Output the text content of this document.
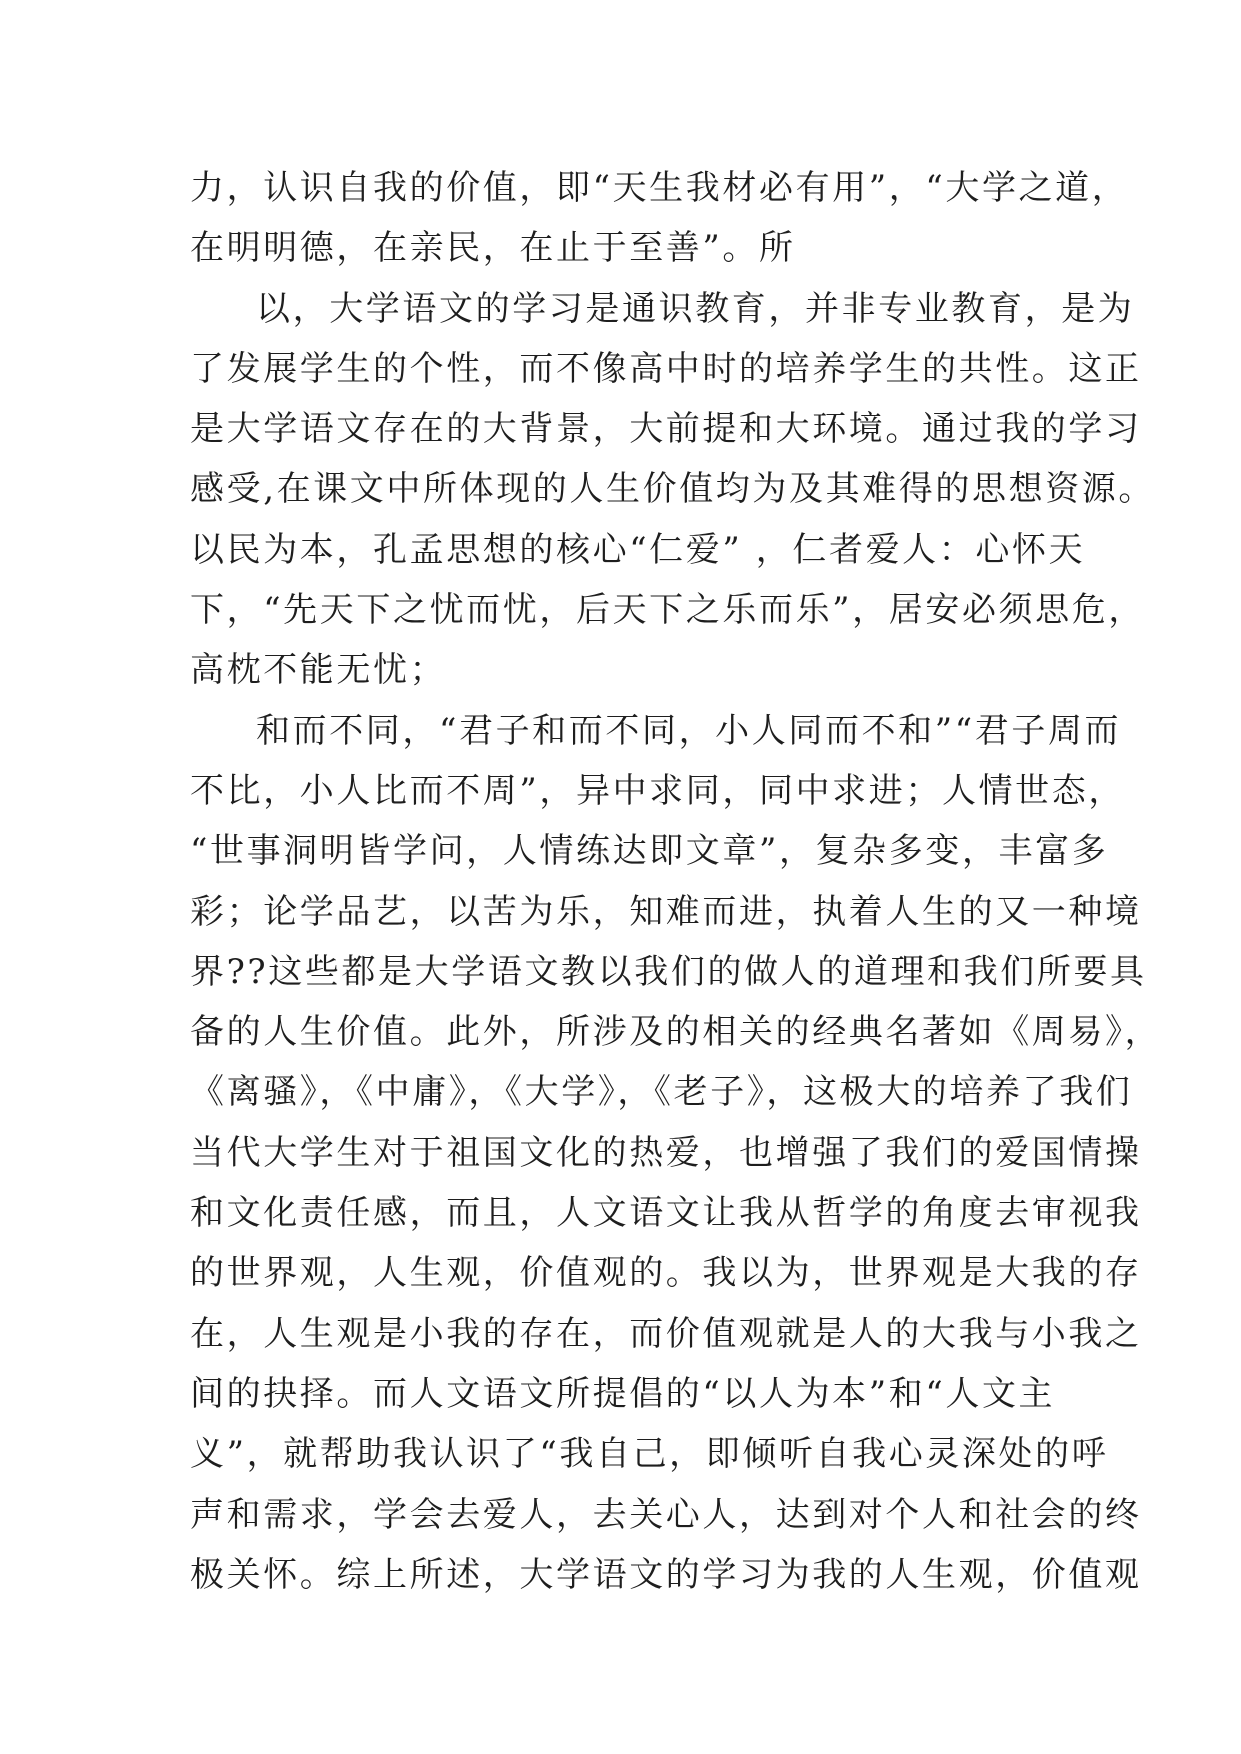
力，认识自我的价值，即“天生我材必有用”，“大学之道，
在明明德，在亲民，在止于至善”。所
以，大学语文的学习是通识教育，并非专业教育，是为
了发展学生的个性，而不像高中时的培养学生的共性。这正
是大学语文存在的大背景，大前提和大环境。通过我的学习
感受,在课文中所体现的人生价值均为及其难得的思想资源。
以民为本，孔孟思想的核心“仁爱” ，仁者爱人：心怀天
下，“先天下之忧而忧，后天下之乐而乐”，居安必须思危，
高枕不能无忧；
和而不同，“君子和而不同，小人同而不和”“君子周而
不比，小人比而不周”，异中求同，同中求进；人情世态，
“世事洞明皆学问，人情练达即文章”，复杂多变，丰富多
彩；论学品艺，以苦为乐，知难而进，执着人生的又一种境
界??这些都是大学语文教以我们的做人的道理和我们所要具
备的人生价值。此外，所涉及的相关的经典名著如《周易》，
《离骚》，《中庸》，《大学》，《老子》，这极大的培养了我们
当代大学生对于祖国文化的热爱，也增强了我们的爱国情操
和文化责任感，而且，人文语文让我从哲学的角度去审视我
的世界观，人生观，价值观的。我以为，世界观是大我的存
在，人生观是小我的存在，而价值观就是人的大我与小我之
间的抉择。而人文语文所提倡的“以人为本”和“人文主
义”，就帮助我认识了“我自己，即倾听自我心灵深处的呼
声和需求，学会去爱人，去关心人，达到对个人和社会的终
极关怀。综上所述，大学语文的学习为我的人生观，价值观
